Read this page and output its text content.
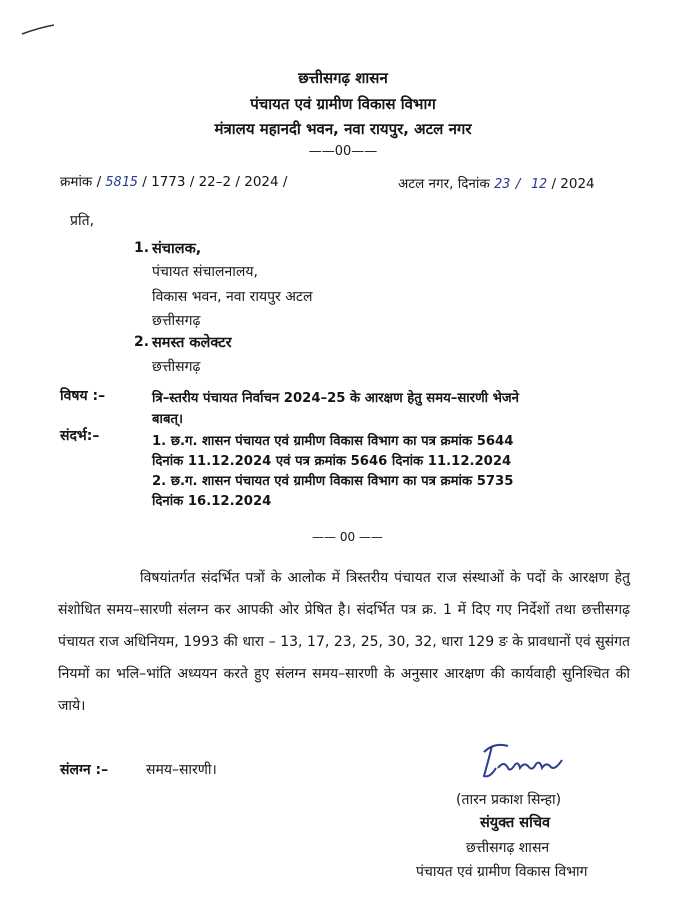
छत्तीसगढ़ शासन
पंचायत एवं ग्रामीण विकास विभाग
मंत्रालय महानदी भवन, नवा रायपुर, अटल नगर
——00——
क्रमांक / 5815 / 1773 / 22–2 / 2024 /	अटल नगर, दिनांक 23 / 12 / 2024
प्रति,
1. संचालक,
पंचायत संचालनालय,
विकास भवन, नवा रायपुर अटल
छत्तीसगढ़
2. समस्त कलेक्टर
छत्तीसगढ़
विषय :–	त्रि–स्तरीय पंचायत निर्वाचन 2024–25 के आरक्षण हेतु समय–सारणी भेजने
बाबत्।
संदर्भ:–	1. छ.ग. शासन पंचायत एवं ग्रामीण विकास विभाग का पत्र क्रमांक 5644
दिनांक 11.12.2024 एवं पत्र क्रमांक 5646 दिनांक 11.12.2024
2. छ.ग. शासन पंचायत एवं ग्रामीण विकास विभाग का पत्र क्रमांक 5735
दिनांक 16.12.2024
—— 00 ——

विषयांतर्गत संदर्भित पत्रों के आलोक में त्रिस्तरीय पंचायत राज संस्थाओं के पदों के आरक्षण हेतु संशोधित समय–सारणी संलग्न कर आपकी ओर प्रेषित है। संदर्भित पत्र क्र. 1 में दिए गए निर्देशों तथा छत्तीसगढ़ पंचायत राज अधिनियम, 1993 की धारा – 13, 17, 23, 25, 30, 32, धारा 129 ङ के प्रावधानों एवं सुसंगत नियमों का भलि–भांति अध्ययन करते हुए संलग्न समय–सारणी के अनुसार आरक्षण की कार्यवाही सुनिश्चित की जाये।

संलग्न :–	समय–सारणी।
(तारन प्रकाश सिन्हा)
संयुक्त सचिव
छत्तीसगढ़ शासन
पंचायत एवं ग्रामीण विकास विभाग
